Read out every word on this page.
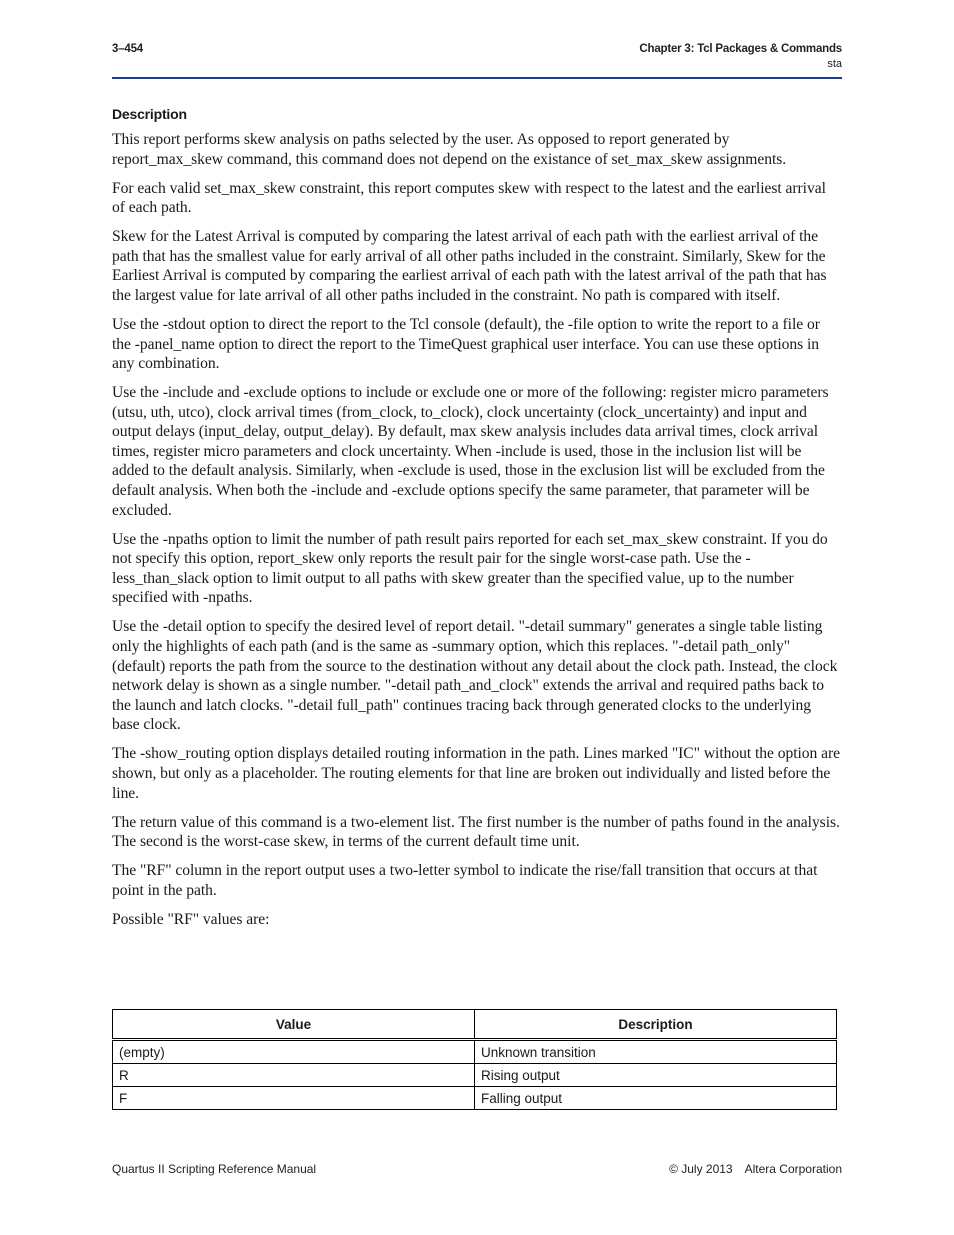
3–454	Chapter 3: Tcl Packages & Commands
sta
Description

This report performs skew analysis on paths selected by the user. As opposed to report generated by report_max_skew command, this command does not depend on the existance of set_max_skew assignments.

For each valid set_max_skew constraint, this report computes skew with respect to the latest and the earliest arrival of each path.

Skew for the Latest Arrival is computed by comparing the latest arrival of each path with the earliest arrival of the path that has the smallest value for early arrival of all other paths included in the constraint. Similarly, Skew for the Earliest Arrival is computed by comparing the earliest arrival of each path with the latest arrival of the path that has the largest value for late arrival of all other paths included in the constraint. No path is compared with itself.

Use the -stdout option to direct the report to the Tcl console (default), the -file option to write the report to a file or the -panel_name option to direct the report to the TimeQuest graphical user interface. You can use these options in any combination.

Use the -include and -exclude options to include or exclude one or more of the following: register micro parameters (utsu, uth, utco), clock arrival times (from_clock, to_clock), clock uncertainty (clock_uncertainty) and input and output delays (input_delay, output_delay). By default, max skew analysis includes data arrival times, clock arrival times, register micro parameters and clock uncertainty. When -include is used, those in the inclusion list will be added to the default analysis. Similarly, when -exclude is used, those in the exclusion list will be excluded from the default analysis. When both the -include and -exclude options specify the same parameter, that parameter will be excluded.

Use the -npaths option to limit the number of path result pairs reported for each set_max_skew constraint. If you do not specify this option, report_skew only reports the result pair for the single worst-case path. Use the -less_than_slack option to limit output to all paths with skew greater than the specified value, up to the number specified with -npaths.

Use the -detail option to specify the desired level of report detail. "-detail summary" generates a single table listing only the highlights of each path (and is the same as -summary option, which this replaces. "-detail path_only" (default) reports the path from the source to the destination without any detail about the clock path. Instead, the clock network delay is shown as a single number. "-detail path_and_clock" extends the arrival and required paths back to the launch and latch clocks. "-detail full_path" continues tracing back through generated clocks to the underlying base clock.

The -show_routing option displays detailed routing information in the path. Lines marked "IC" without the option are shown, but only as a placeholder. The routing elements for that line are broken out individually and listed before the line.

The return value of this command is a two-element list. The first number is the number of paths found in the analysis. The second is the worst-case skew, in terms of the current default time unit.

The "RF" column in the report output uses a two-letter symbol to indicate the rise/fall transition that occurs at that point in the path.

Possible "RF" values are:

Value	Description
(empty)	Unknown transition
R	Rising output
F	Falling output
Quartus II Scripting Reference Manual	© July 2013 Altera Corporation
